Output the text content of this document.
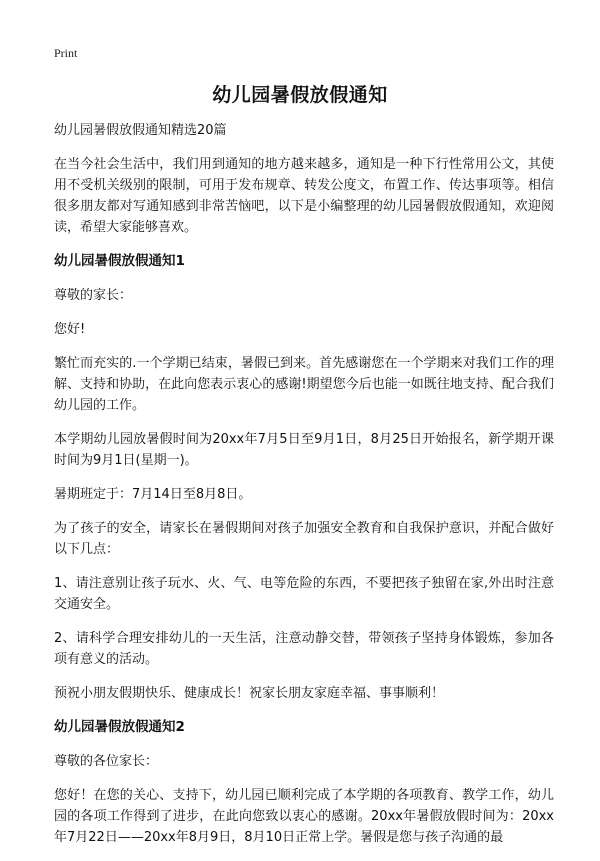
Print
幼儿园暑假放假通知

幼儿园暑假放假通知精选20篇

在当今社会生活中，我们用到通知的地方越来越多，通知是一种下行性常用公文，其使用不受机关级别的限制，可用于发布规章、转发公度文，布置工作、传达事项等。相信很多朋友都对写通知感到非常苦恼吧，以下是小编整理的幼儿园暑假放假通知，欢迎阅读，希望大家能够喜欢。

幼儿园暑假放假通知1

尊敬的家长：

您好!

繁忙而充实的.一个学期已结束，暑假已到来。首先感谢您在一个学期来对我们工作的理解、支持和协助，在此向您表示衷心的感谢!期望您今后也能一如既往地支持、配合我们幼儿园的工作。

本学期幼儿园放暑假时间为20xx年7月5日至9月1日，8月25日开始报名，新学期开课时间为9月1日(星期一)。

暑期班定于：7月14日至8月8日。

为了孩子的安全，请家长在暑假期间对孩子加强安全教育和自我保护意识，并配合做好以下几点：

1、请注意别让孩子玩水、火、气、电等危险的东西，不要把孩子独留在家,外出时注意交通安全。

2、请科学合理安排幼儿的一天生活，注意动静交替，带领孩子坚持身体锻炼，参加各项有意义的活动。

预祝小朋友假期快乐、健康成长！祝家长朋友家庭幸福、事事顺利！

幼儿园暑假放假通知2

尊敬的各位家长：

您好！在您的关心、支持下，幼儿园已顺利完成了本学期的各项教育、教学工作，幼儿园的各项工作得到了进步，在此向您致以衷心的感谢。20xx年暑假放假时间为：20xx年7月22日——20xx年8月9日，8月10日正常上学。暑假是您与孩子沟通的最
